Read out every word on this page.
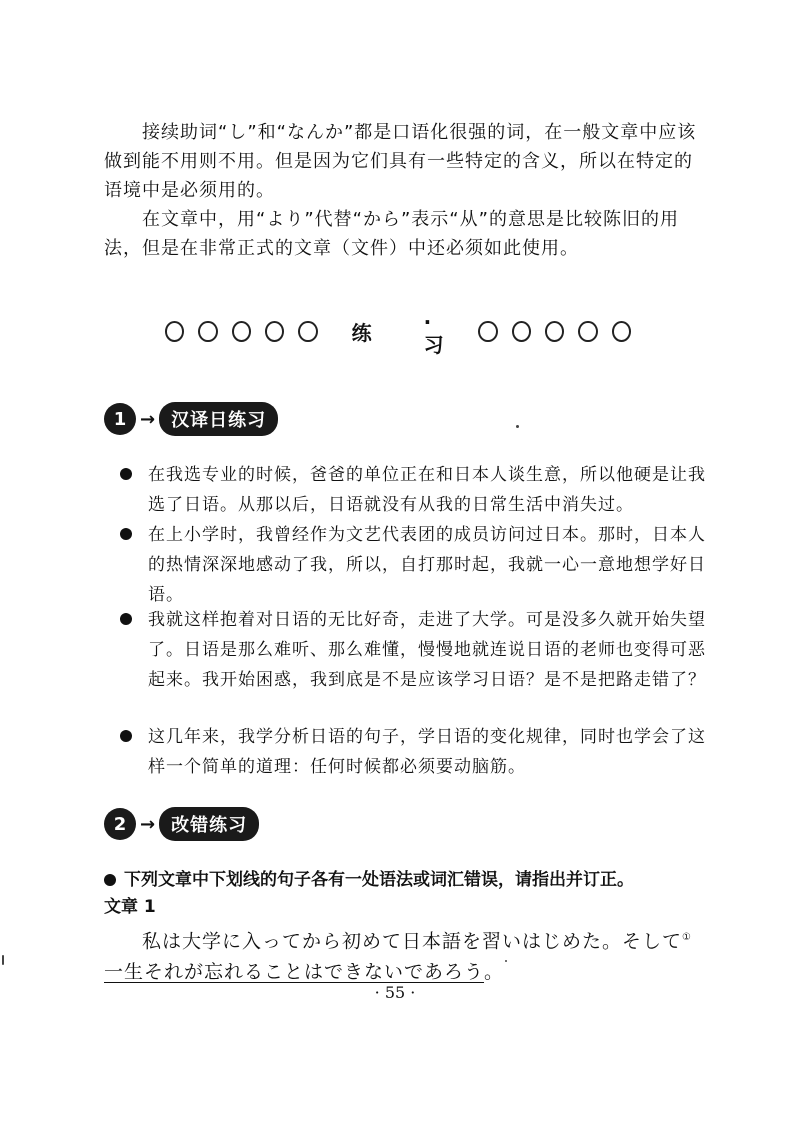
接续助词“し”和“なんか”都是口语化很强的词，在一般文章中应该做到能不用则不用。但是因为它们具有一些特定的含义，所以在特定的语境中是必须用的。

在文章中，用“より”代替“から”表示“从”的意思是比较陈旧的用法，但是在非常正式的文章（文件）中还必须如此使用。

练
.习
1 → 汉译日练习
在我选专业的时候，爸爸的单位正在和日本人谈生意，所以他硬是让我选了日语。从那以后，日语就没有从我的日常生活中消失过。
在上小学时，我曾经作为文艺代表团的成员访问过日本。那时，日本人的热情深深地感动了我，所以，自打那时起，我就一心一意地想学好日语。
我就这样抱着对日语的无比好奇，走进了大学。可是没多久就开始失望了。日语是那么难听、那么难懂，慢慢地就连说日语的老师也变得可恶起来。我开始困惑，我到底是不是应该学习日语？是不是把路走错了？
这几年来，我学分析日语的句子，学日语的变化规律，同时也学会了这样一个简单的道理：任何时候都必须要动脑筋。
2 → 改错练习
下列文章中下划线的句子各有一处语法或词汇错误，请指出并订正。
文章 1
私は大学に入ってから初めて日本語を習いはじめた。そして①一生それが忘れることはできないであろう。
· 55 ·
